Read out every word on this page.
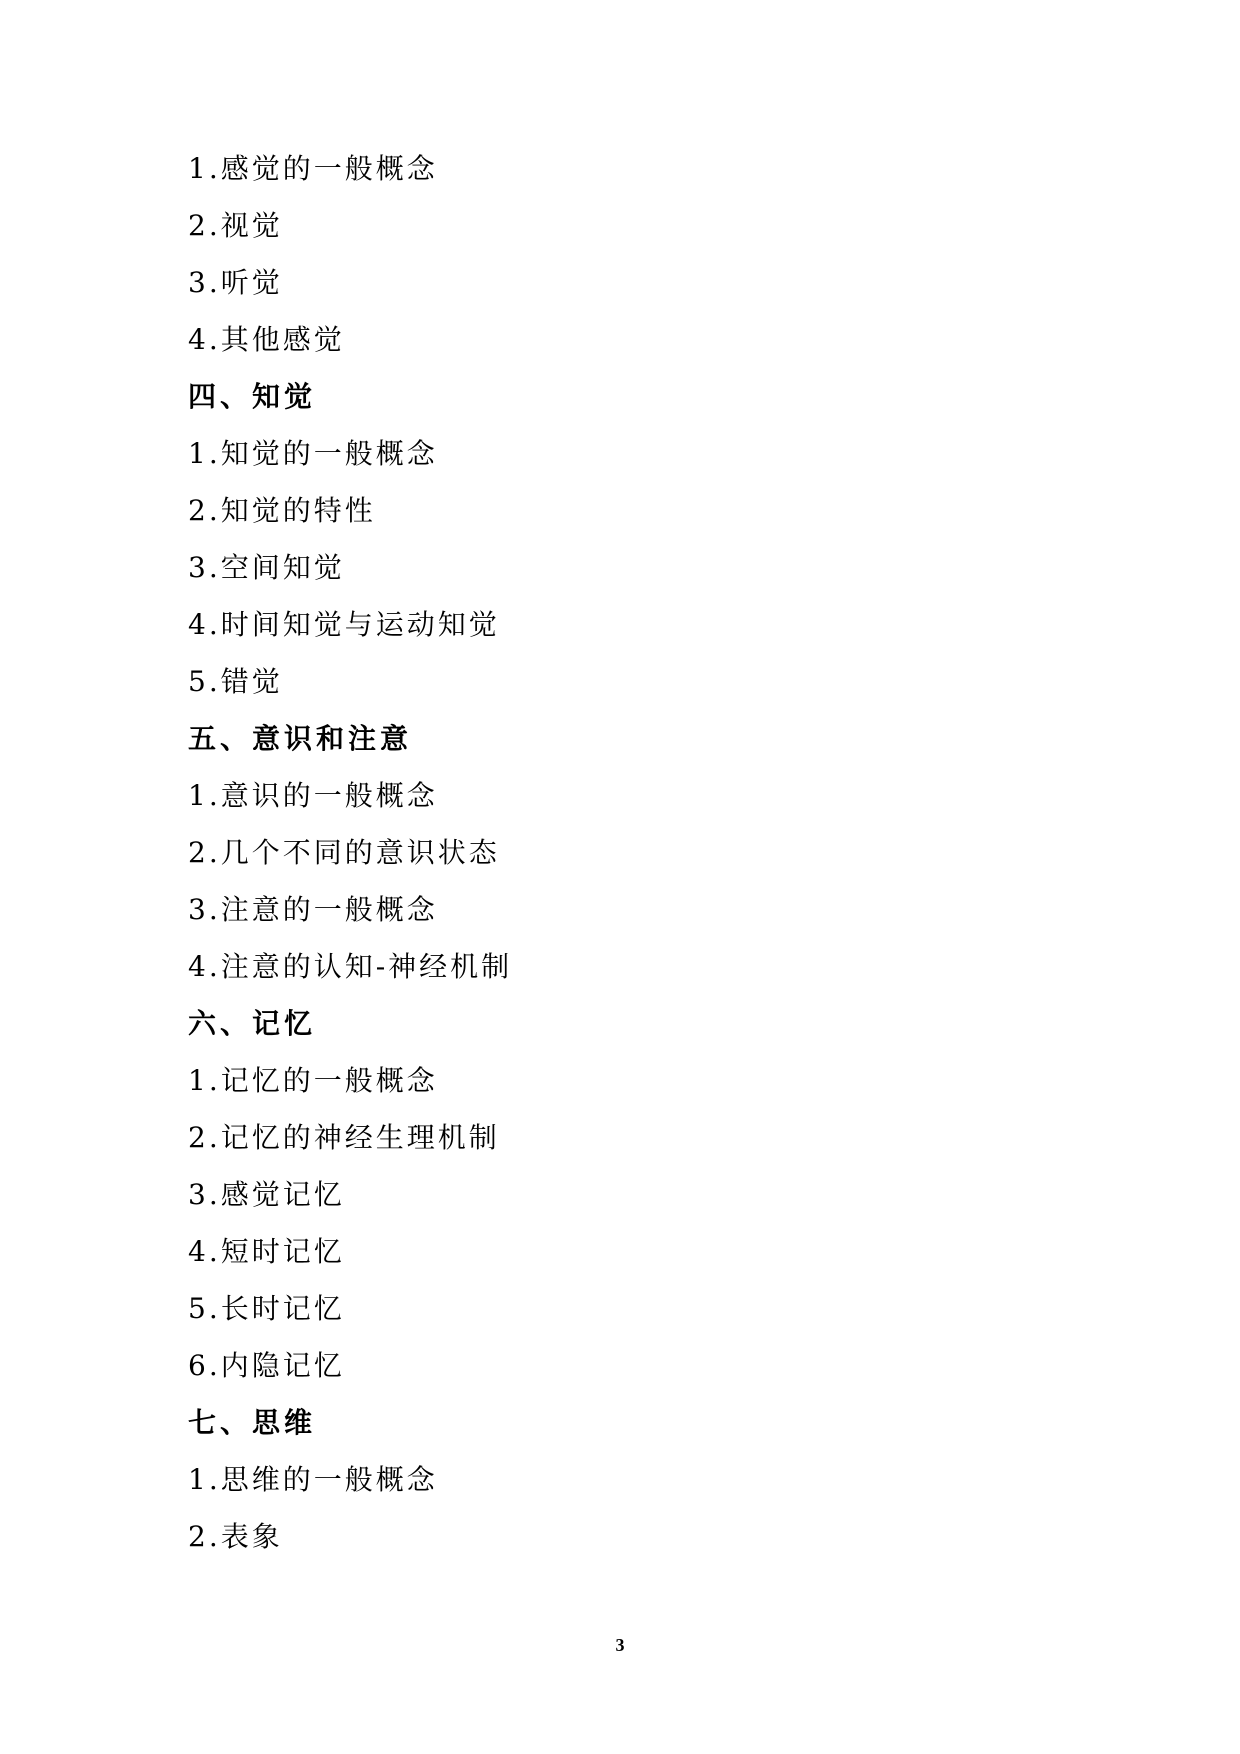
1.感觉的一般概念
2.视觉
3.听觉
4.其他感觉
四、知觉
1.知觉的一般概念
2.知觉的特性
3.空间知觉
4.时间知觉与运动知觉
5.错觉
五、意识和注意
1.意识的一般概念
2.几个不同的意识状态
3.注意的一般概念
4.注意的认知-神经机制
六、记忆
1.记忆的一般概念
2.记忆的神经生理机制
3.感觉记忆
4.短时记忆
5.长时记忆
6.内隐记忆
七、思维
1.思维的一般概念
2.表象
3
